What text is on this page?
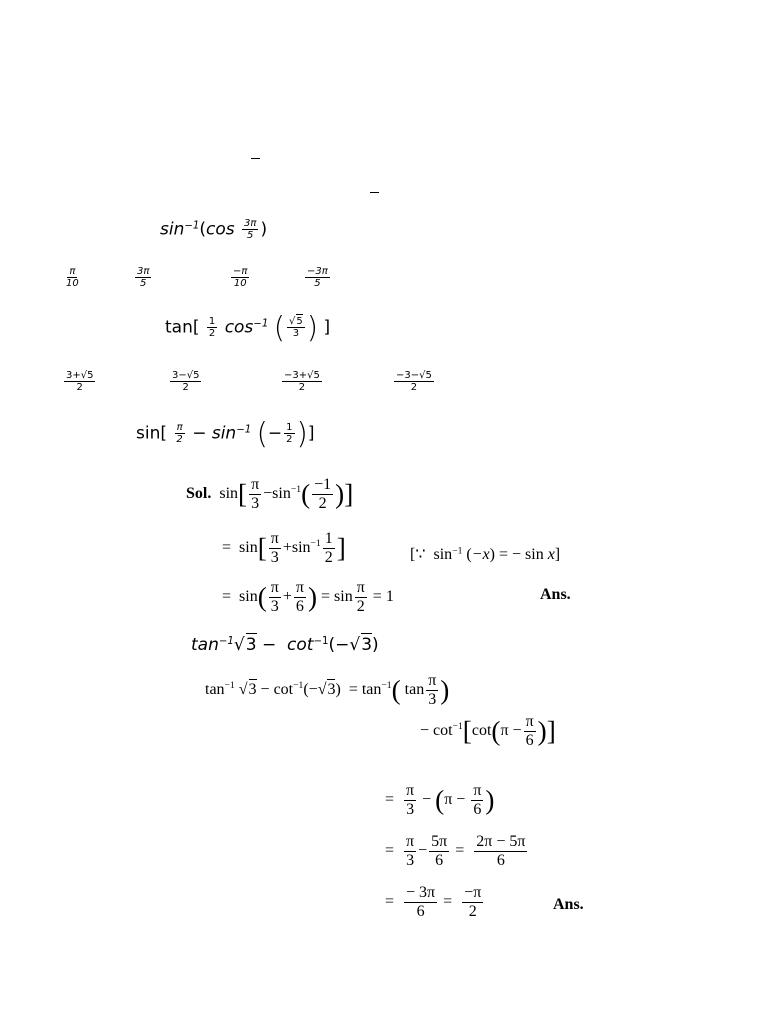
$\sin^{-1}(\cos \frac{3\pi}{5}$ )
$\frac{\pi}{10}$	$\frac{3\pi}{5}$	$\frac{-\pi}{10}$	$\frac{-3\pi}{5}$
$\tan[ \frac{1}{2} \cos^{-1}$ ( $\frac{√5}{3}$ ) ]
$\frac{3+√5}{2}$	$\frac{3-√5}{2}$	$\frac{-3+√5}{2}$	$\frac{-3-√5}{2}$
$\sin[ \frac{\pi}{2} - \sin^{-1}$ (− $\frac{1}{2}$ )]
Sol.  $\sin[ \frac{\pi}{3} -\sin^{-1}( \frac{-1}{2}$ )]
=  $\sin[ \frac{\pi}{3} +\sin^{-1} \frac{1}{2}$ ]	[∵  $\sin^{-1} (-x)$ = − sin x]
=  $\sin( \frac{\pi}{3} + \frac{\pi}{6}$ ) = $\sin \frac{\pi}{2} = 1$	Ans.
$\tan^{-1}√3 - \cot^{-1}(-√3)$
$\tan^{-1} √3 - \cot^{-1}(-√3) = \tan^{-1}$( $\tan \frac{\pi}{3}$ )
− $\cot^{-1}[\cot(\pi - \frac{\pi}{6}$ )]
= $\frac{\pi}{3} - (\pi - \frac{\pi}{6}$ )
= $\frac{\pi}{3} - \frac{5\pi}{6} = \frac{2\pi - 5\pi}{6}$
= $\frac{- 3\pi}{6} = \frac{-\pi}{2}$	Ans.
